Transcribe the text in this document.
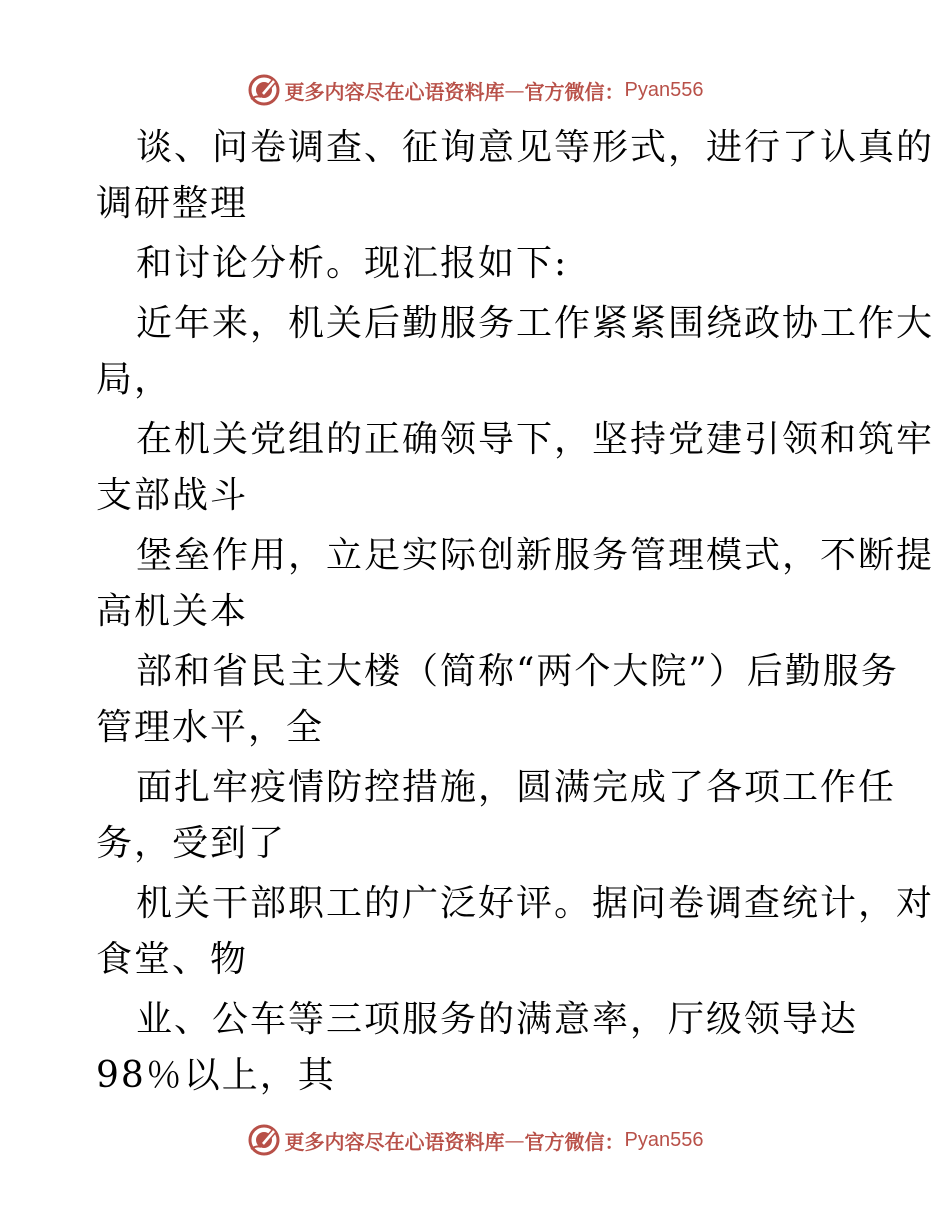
更多内容尽在心语资料库 — 官方微信： Pyan556
谈、问卷调查、征询意见等形式，进行了认真的
调研整理
和讨论分析。现汇报如下:
近年来，机关后勤服务工作紧紧围绕政协工作大
局，
在机关党组的正确领导下，坚持党建引领和筑牢
支部战斗
堡垒作用，立足实际创新服务管理模式，不断提
高机关本
部和省民主大楼（简称“两个大院”）后勤服务
管理水平，全
面扎牢疫情防控措施，圆满完成了各项工作任
务，受到了
机关干部职工的广泛好评。据问卷调查统计，对
食堂、物
业、公车等三项服务的满意率，厅级领导达
98％以上，其
更多内容尽在心语资料库 — 官方微信： Pyan556
